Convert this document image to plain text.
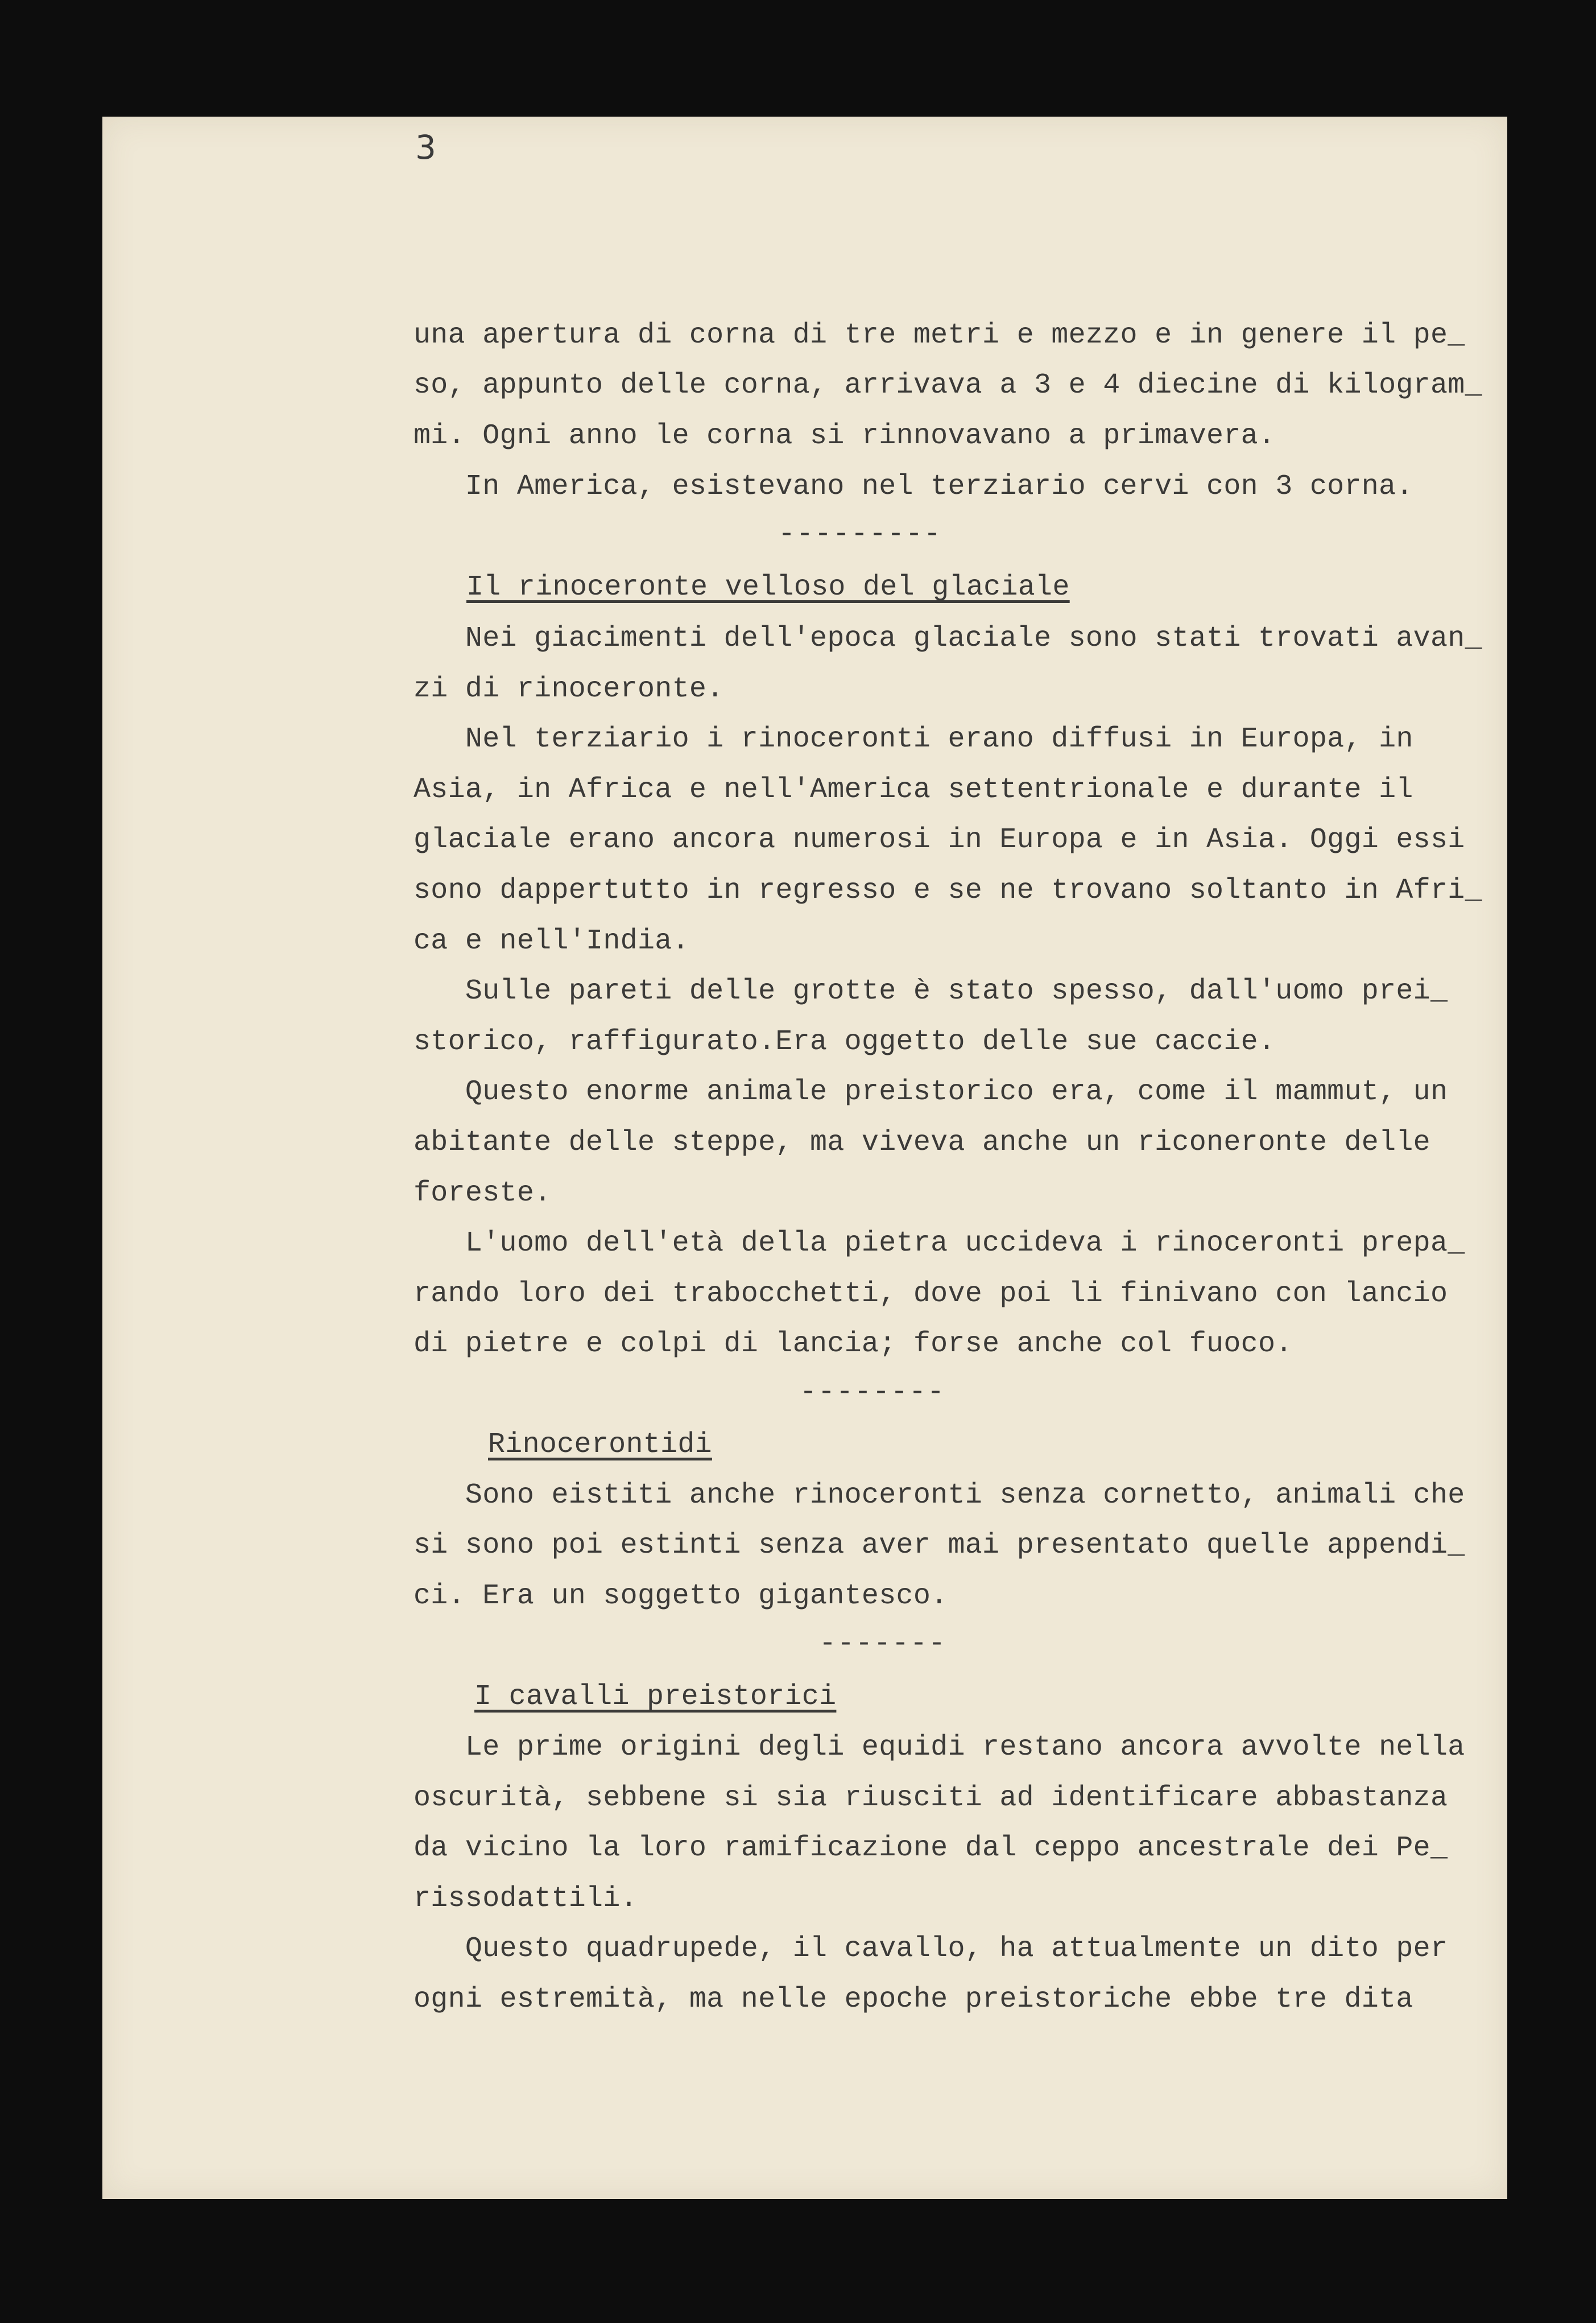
3
una apertura di corna di tre metri e mezzo e in genere il pe_
so, appunto delle corna, arrivava a 3 e 4 diecine di kilogram_
mi. Ogni anno le corna si rinnovavano a primavera.
In America, esistevano nel terziario cervi con 3 corna.
---------
Il rinoceronte velloso del glaciale
Nei giacimenti dell'epoca glaciale sono stati trovati avan_
zi di rinoceronte.
Nel terziario i rinoceronti erano diffusi in Europa, in
Asia, in Africa e nell'America settentrionale e durante il
glaciale erano ancora numerosi in Europa e in Asia. Oggi essi
sono dappertutto in regresso e se ne trovano soltanto in Afri_
ca e nell'India.
Sulle pareti delle grotte è stato spesso, dall'uomo prei_
storico, raffigurato.Era oggetto delle sue caccie.
Questo enorme animale preistorico era, come il mammut, un
abitante delle steppe, ma viveva anche un riconeronte delle
foreste.
L'uomo dell'età della pietra uccideva i rinoceronti prepa_
rando loro dei trabocchetti, dove poi li finivano con lancio
di pietre e colpi di lancia; forse anche col fuoco.
--------
Rinocerontidi
Sono eistiti anche rinoceronti senza cornetto, animali che
si sono poi estinti senza aver mai presentato quelle appendi_
ci. Era un soggetto gigantesco.
-------
I cavalli preistorici
Le prime origini degli equidi restano ancora avvolte nella
oscurità, sebbene si sia riusciti ad identificare abbastanza
da vicino la loro ramificazione dal ceppo ancestrale dei Pe_
rissodattili.
Questo quadrupede, il cavallo, ha attualmente un dito per
ogni estremità, ma nelle epoche preistoriche ebbe tre dita
